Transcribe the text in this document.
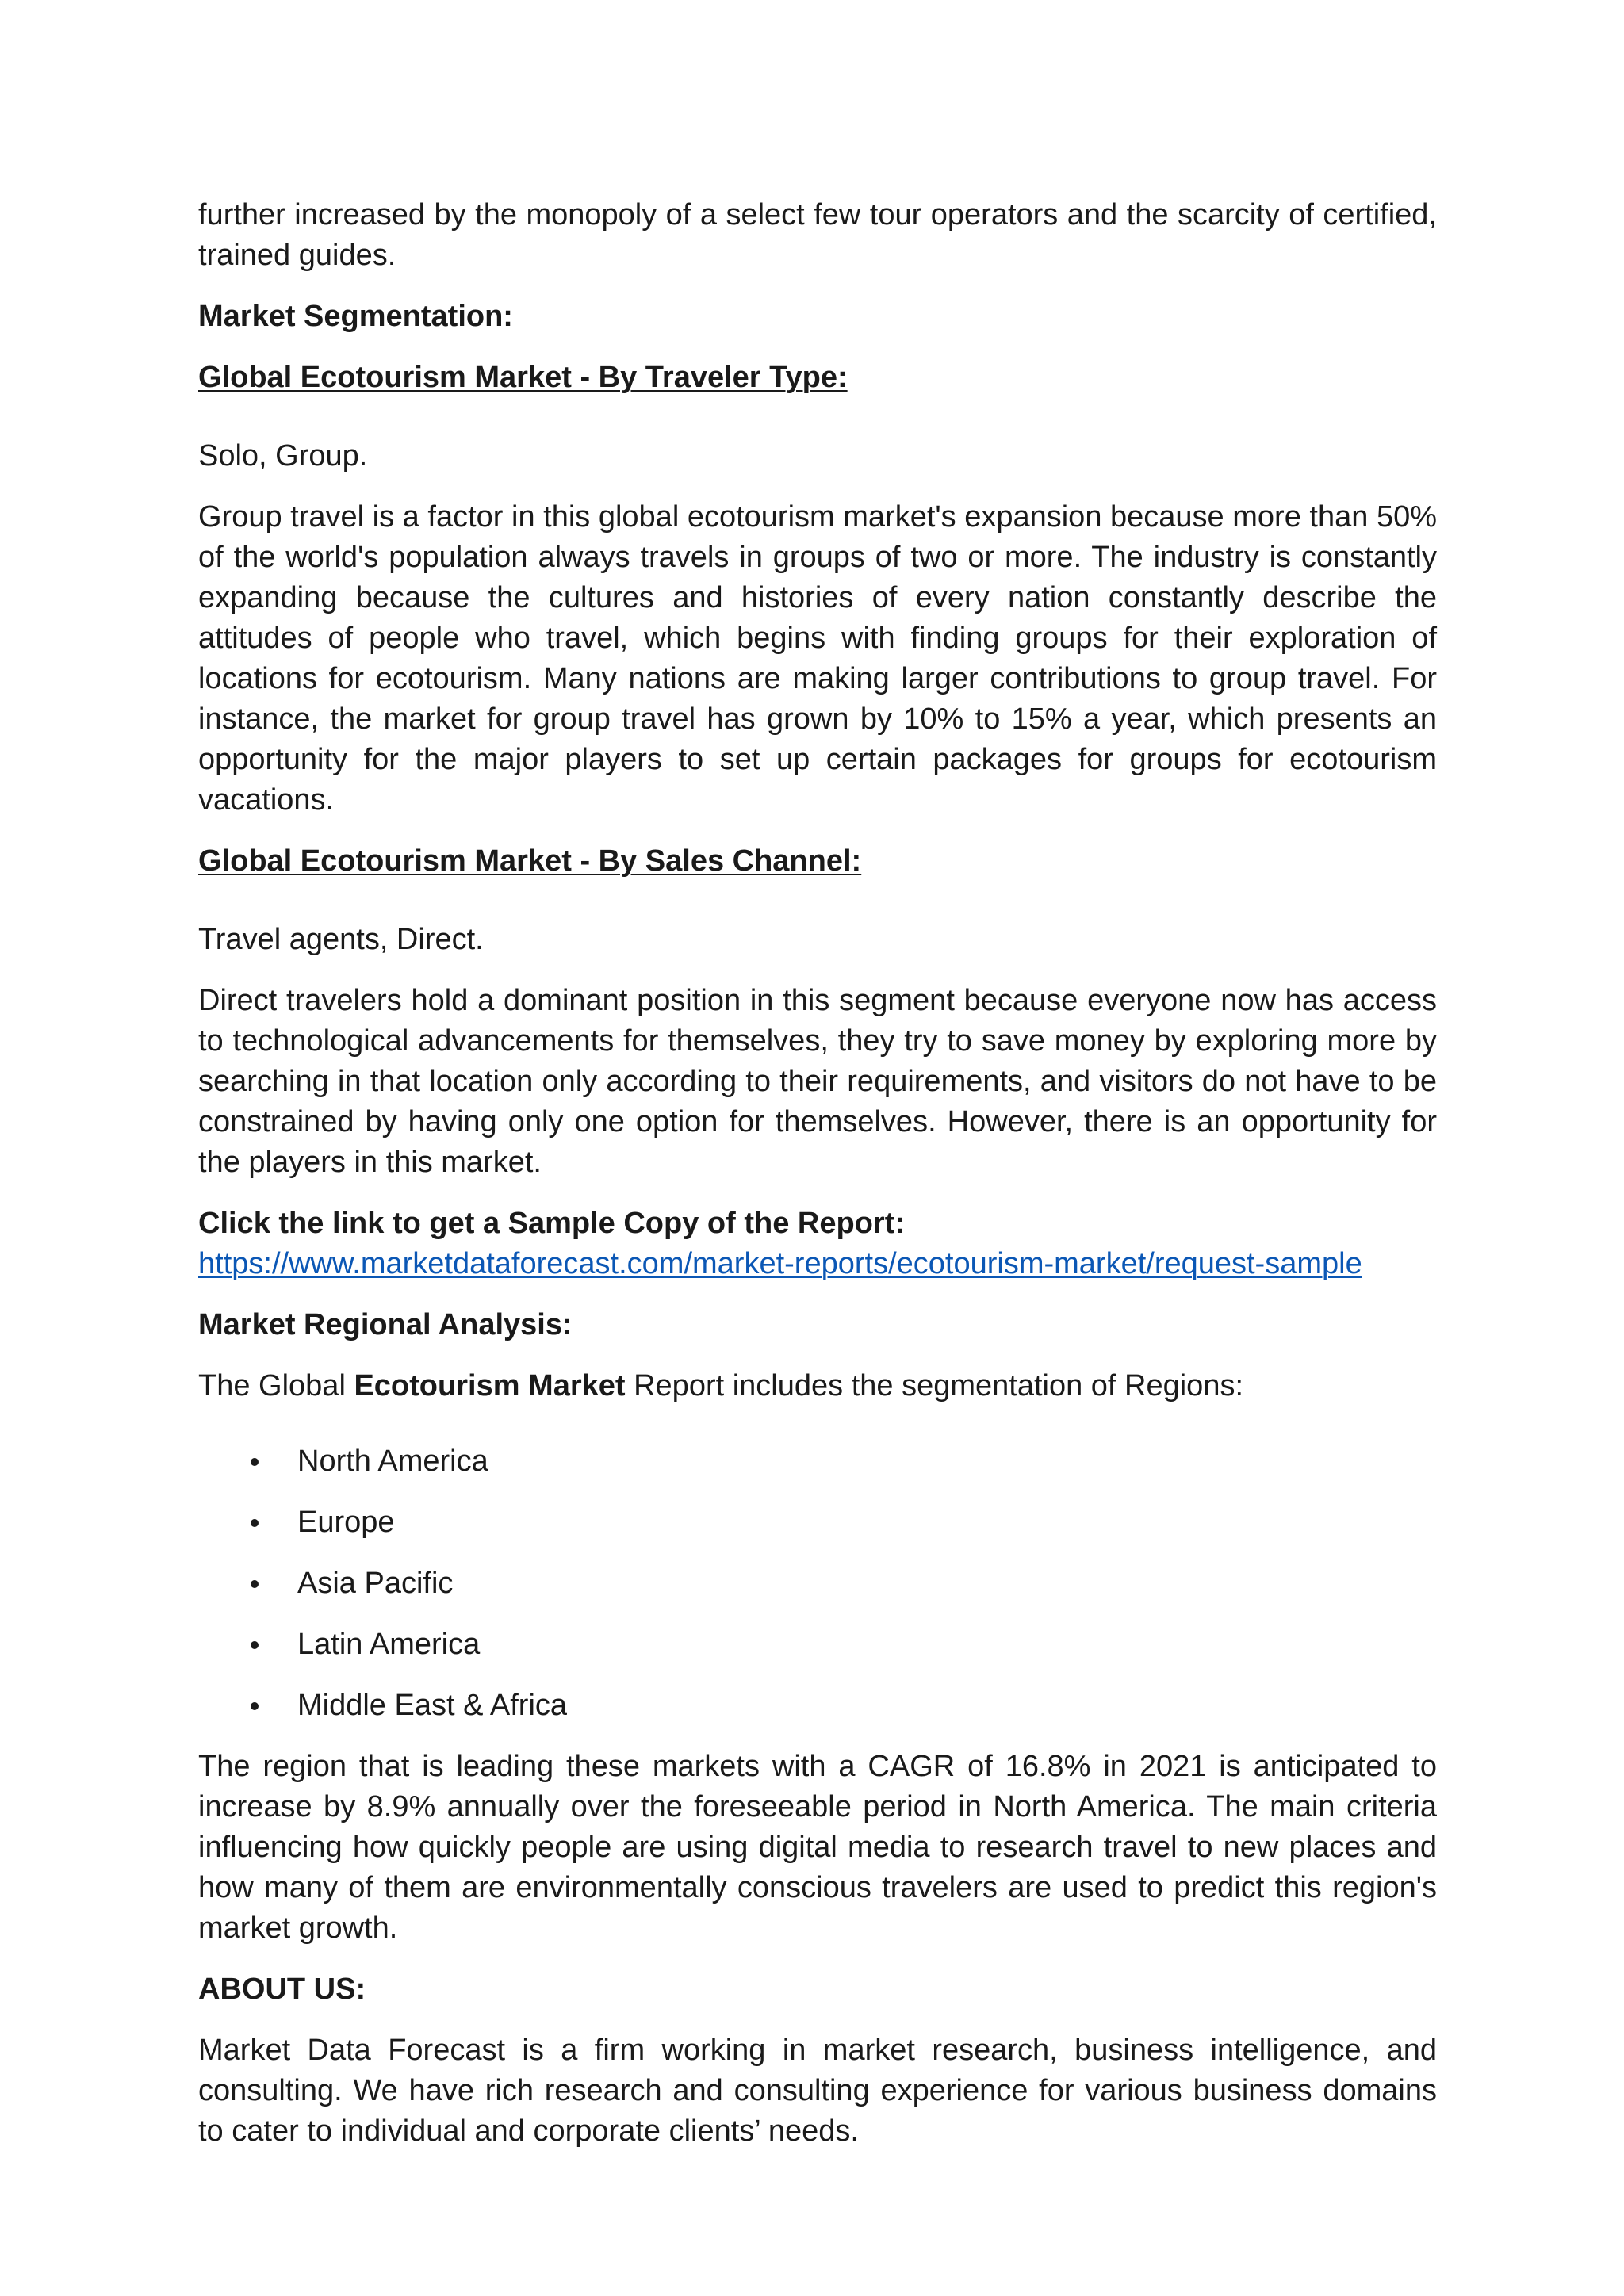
further increased by the monopoly of a select few tour operators and the scarcity of certified, trained guides.

Market Segmentation:

Global Ecotourism Market - By Traveler Type:

Solo, Group.

Group travel is a factor in this global ecotourism market's expansion because more than 50% of the world's population always travels in groups of two or more. The industry is constantly expanding because the cultures and histories of every nation constantly describe the attitudes of people who travel, which begins with finding groups for their exploration of locations for ecotourism. Many nations are making larger contributions to group travel. For instance, the market for group travel has grown by 10% to 15% a year, which presents an opportunity for the major players to set up certain packages for groups for ecotourism vacations.

Global Ecotourism Market - By Sales Channel:

Travel agents, Direct.

Direct travelers hold a dominant position in this segment because everyone now has access to technological advancements for themselves, they try to save money by exploring more by searching in that location only according to their requirements, and visitors do not have to be constrained by having only one option for themselves. However, there is an opportunity for the players in this market.

Click the link to get a Sample Copy of the Report:

https://www.marketdataforecast.com/market-reports/ecotourism-market/request-sample

Market Regional Analysis:

The Global Ecotourism Market Report includes the segmentation of Regions:

North America
Europe
Asia Pacific
Latin America
Middle East & Africa

The region that is leading these markets with a CAGR of 16.8% in 2021 is anticipated to increase by 8.9% annually over the foreseeable period in North America. The main criteria influencing how quickly people are using digital media to research travel to new places and how many of them are environmentally conscious travelers are used to predict this region's market growth.

ABOUT US:

Market Data Forecast is a firm working in market research, business intelligence, and consulting. We have rich research and consulting experience for various business domains to cater to individual and corporate clients’ needs.
